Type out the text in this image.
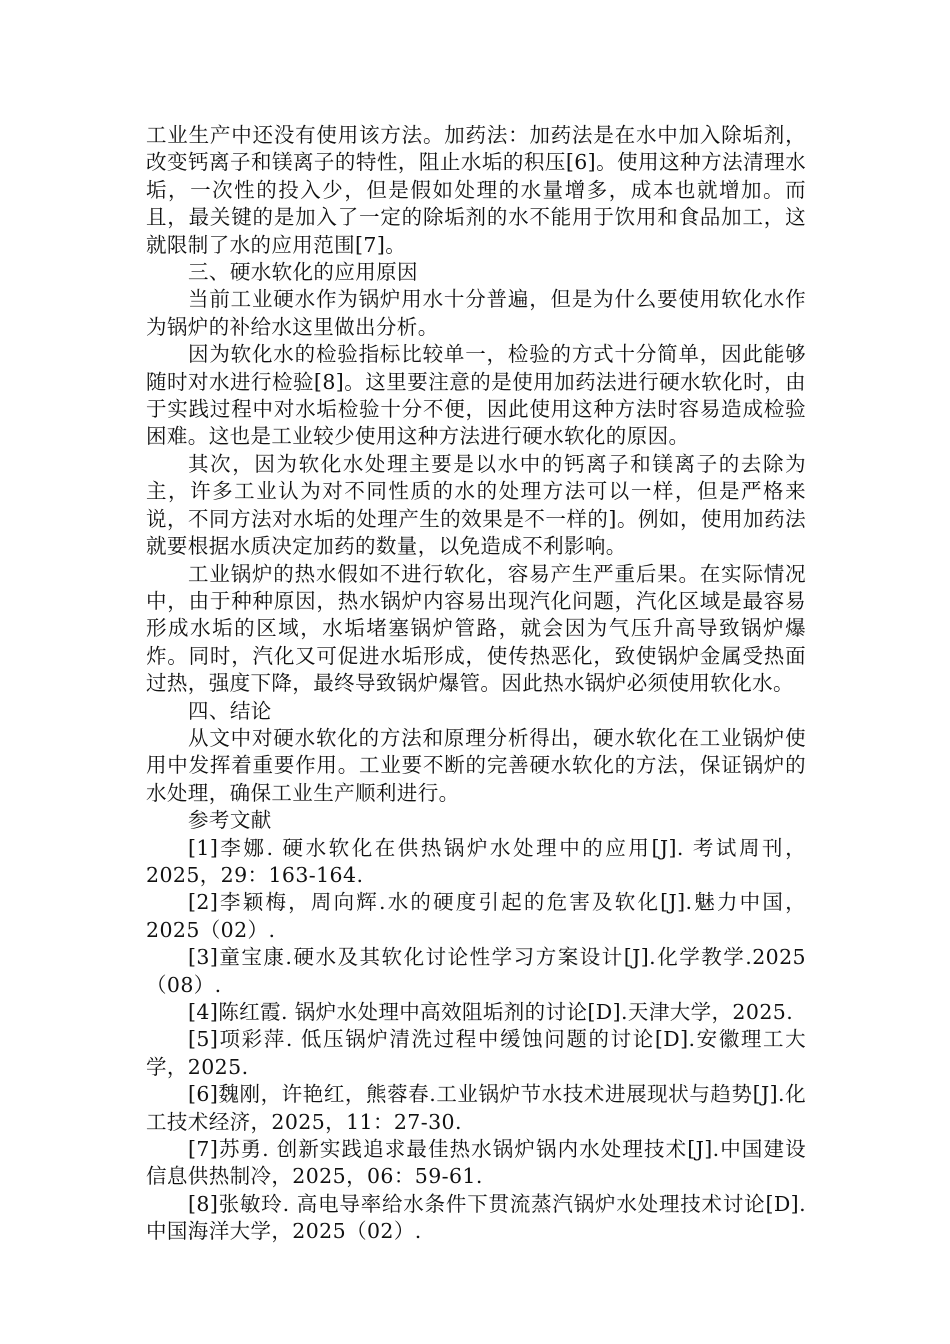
工业生产中还没有使用该方法。加药法：加药法是在水中加入除垢剂，改变钙离子和镁离子的特性，阻止水垢的积压[6]。使用这种方法清理水垢，一次性的投入少，但是假如处理的水量增多，成本也就增加。而且，最关键的是加入了一定的除垢剂的水不能用于饮用和食品加工，这就限制了水的应用范围[7]。

三、硬水软化的应用原因

当前工业硬水作为锅炉用水十分普遍，但是为什么要使用软化水作为锅炉的补给水这里做出分析。

因为软化水的检验指标比较单一，检验的方式十分简单，因此能够随时对水进行检验[8]。这里要注意的是使用加药法进行硬水软化时，由于实践过程中对水垢检验十分不便，因此使用这种方法时容易造成检验困难。这也是工业较少使用这种方法进行硬水软化的原因。

其次，因为软化水处理主要是以水中的钙离子和镁离子的去除为主，许多工业认为对不同性质的水的处理方法可以一样，但是严格来说，不同方法对水垢的处理产生的效果是不一样的]。例如，使用加药法就要根据水质决定加药的数量，以免造成不利影响。

工业锅炉的热水假如不进行软化，容易产生严重后果。在实际情况中，由于种种原因，热水锅炉内容易出现汽化问题，汽化区域是最容易形成水垢的区域，水垢堵塞锅炉管路，就会因为气压升高导致锅炉爆炸。同时，汽化又可促进水垢形成，使传热恶化，致使锅炉金属受热面过热，强度下降，最终导致锅炉爆管。因此热水锅炉必须使用软化水。

四、结论

从文中对硬水软化的方法和原理分析得出，硬水软化在工业锅炉使用中发挥着重要作用。工业要不断的完善硬水软化的方法，保证锅炉的水处理，确保工业生产顺利进行。

参考文献

[1]李娜. 硬水软化在供热锅炉水处理中的应用[J]. 考试周刊，2025，29：163-164.

[2]李颖梅，周向辉.水的硬度引起的危害及软化[J].魅力中国，2025（02）.

[3]童宝康.硬水及其软化讨论性学习方案设计[J].化学教学.2025（08）.

[4]陈红霞. 锅炉水处理中高效阻垢剂的讨论[D].天津大学，2025.

[5]项彩萍. 低压锅炉清洗过程中缓蚀问题的讨论[D].安徽理工大学，2025.

[6]魏刚，许艳红，熊蓉春.工业锅炉节水技术进展现状与趋势[J].化工技术经济，2025，11：27-30.

[7]苏勇. 创新实践追求最佳热水锅炉锅内水处理技术[J].中国建设信息供热制冷，2025，06：59-61.

[8]张敏玲. 高电导率给水条件下贯流蒸汽锅炉水处理技术讨论[D].中国海洋大学，2025（02）.
